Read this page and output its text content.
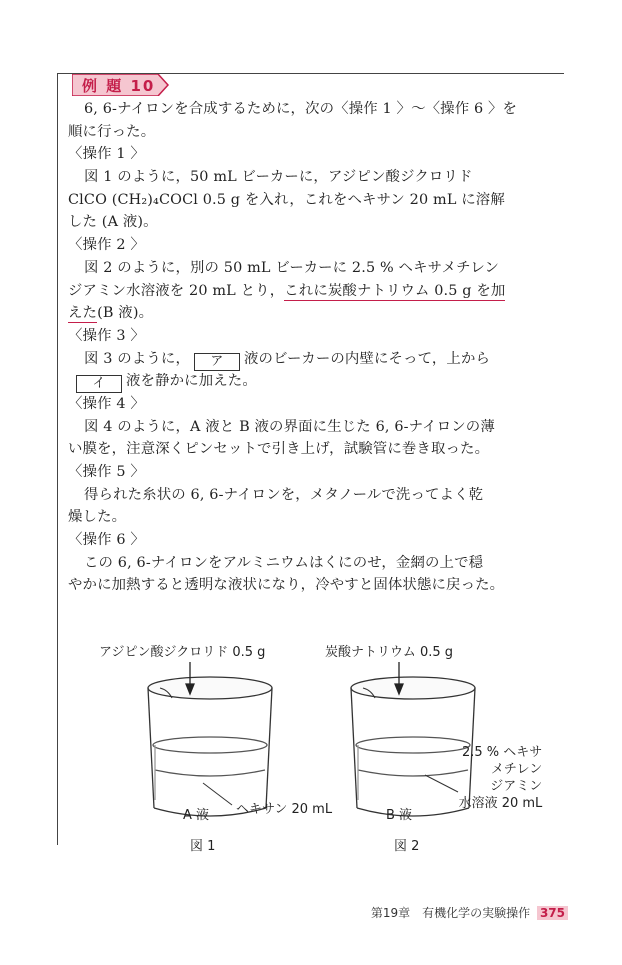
例 題 10
6, 6-ナイロンを合成するために，次の〈操作 1 〉～〈操作 6 〉を
順に行った。
〈操作 1 〉
図 1 のように，50 mL ビーカーに，アジピン酸ジクロリド
ClCO (CH₂)₄COCl 0.5 g を入れ，これをヘキサン 20 mL に溶解
した (A 液)。
〈操作 2 〉
図 2 のように，別の 50 mL ビーカーに 2.5 % ヘキサメチレン
ジアミン水溶液を 20 mL とり，これに炭酸ナトリウム 0.5 g を加
えた(B 液)。
〈操作 3 〉
図 3 のように， ア 液のビーカーの内壁にそって，上から
イ 液を静かに加えた。
〈操作 4 〉
図 4 のように，A 液と B 液の界面に生じた 6, 6-ナイロンの薄
い膜を，注意深くピンセットで引き上げ，試験管に巻き取った。
〈操作 5 〉
得られた糸状の 6, 6-ナイロンを，メタノールで洗ってよく乾
燥した。
〈操作 6 〉
この 6, 6-ナイロンをアルミニウムはくにのせ，金網の上で穏
やかに加熱すると透明な液状になり，冷やすと固体状態に戻った。
アジピン酸ジクロリド 0.5 g
A 液 ヘキサン 20 mL
図 1
炭酸ナトリウム 0.5 g
B 液
2.5 % ヘキサ
メチレン
ジアミン
水溶液 20 mL
図 2
第19章　有機化学の実験操作 375
